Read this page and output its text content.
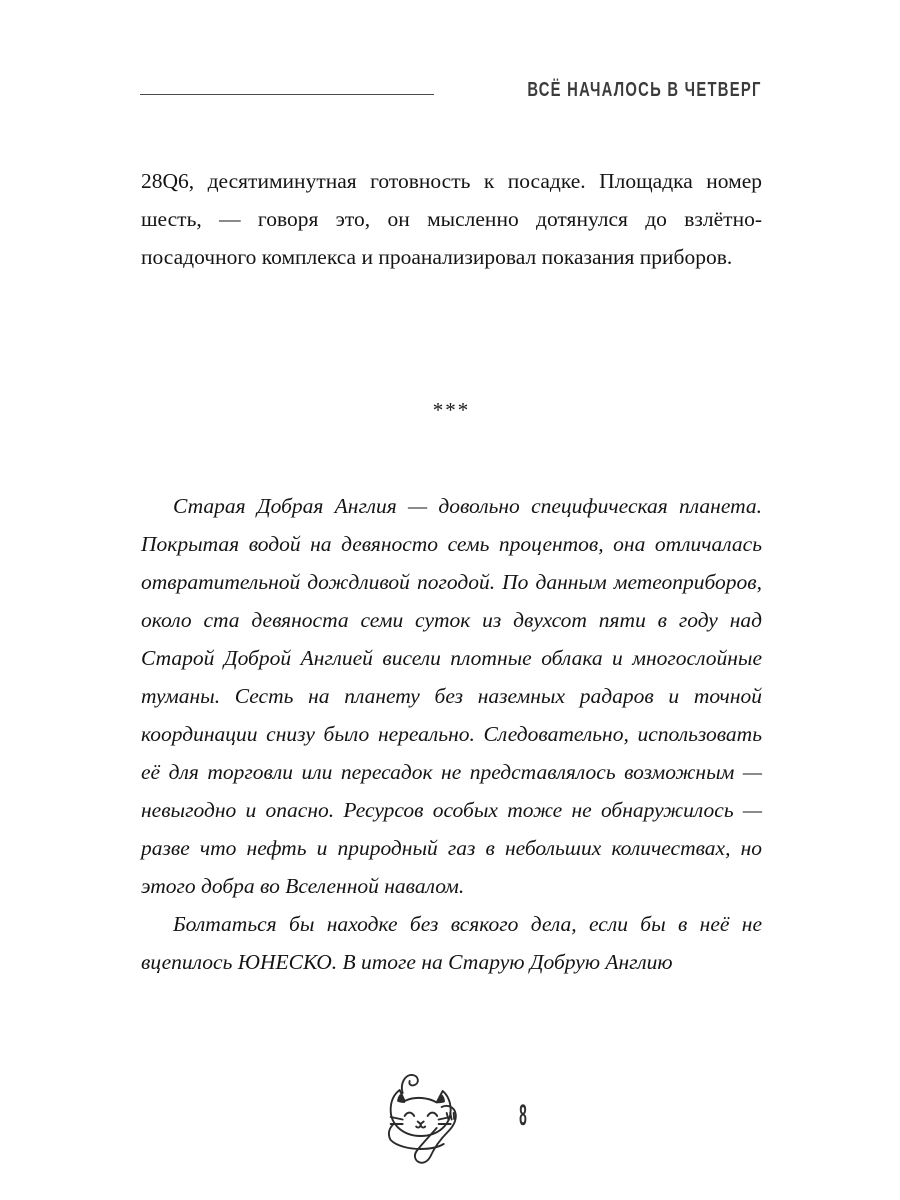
ВСЁ НАЧАЛОСЬ В ЧЕТВЕРГ

28Q6, десятиминутная готовность к посадке. Площадка номер шесть, — говоря это, он мысленно дотянулся до взлётно-посадочного комплекса и проанализировал показания приборов.

***

Старая Добрая Англия — довольно специфическая планета. Покрытая водой на девяносто семь процентов, она отличалась отвратительной дождливой погодой. По данным метеоприборов, около ста девяноста семи суток из двухсот пяти в году над Старой Доброй Англией висели плотные облака и многослойные туманы. Сесть на планету без наземных радаров и точной координации снизу было нереально. Следовательно, использовать её для торговли или пересадок не представлялось возможным — невыгодно и опасно. Ресурсов особых тоже не обнаружилось — разве что нефть и природный газ в небольших количествах, но этого добра во Вселенной навалом.

Болтаться бы находке без всякого дела, если бы в неё не вцепилось ЮНЕСКО. В итоге на Старую Добрую Англию

8
